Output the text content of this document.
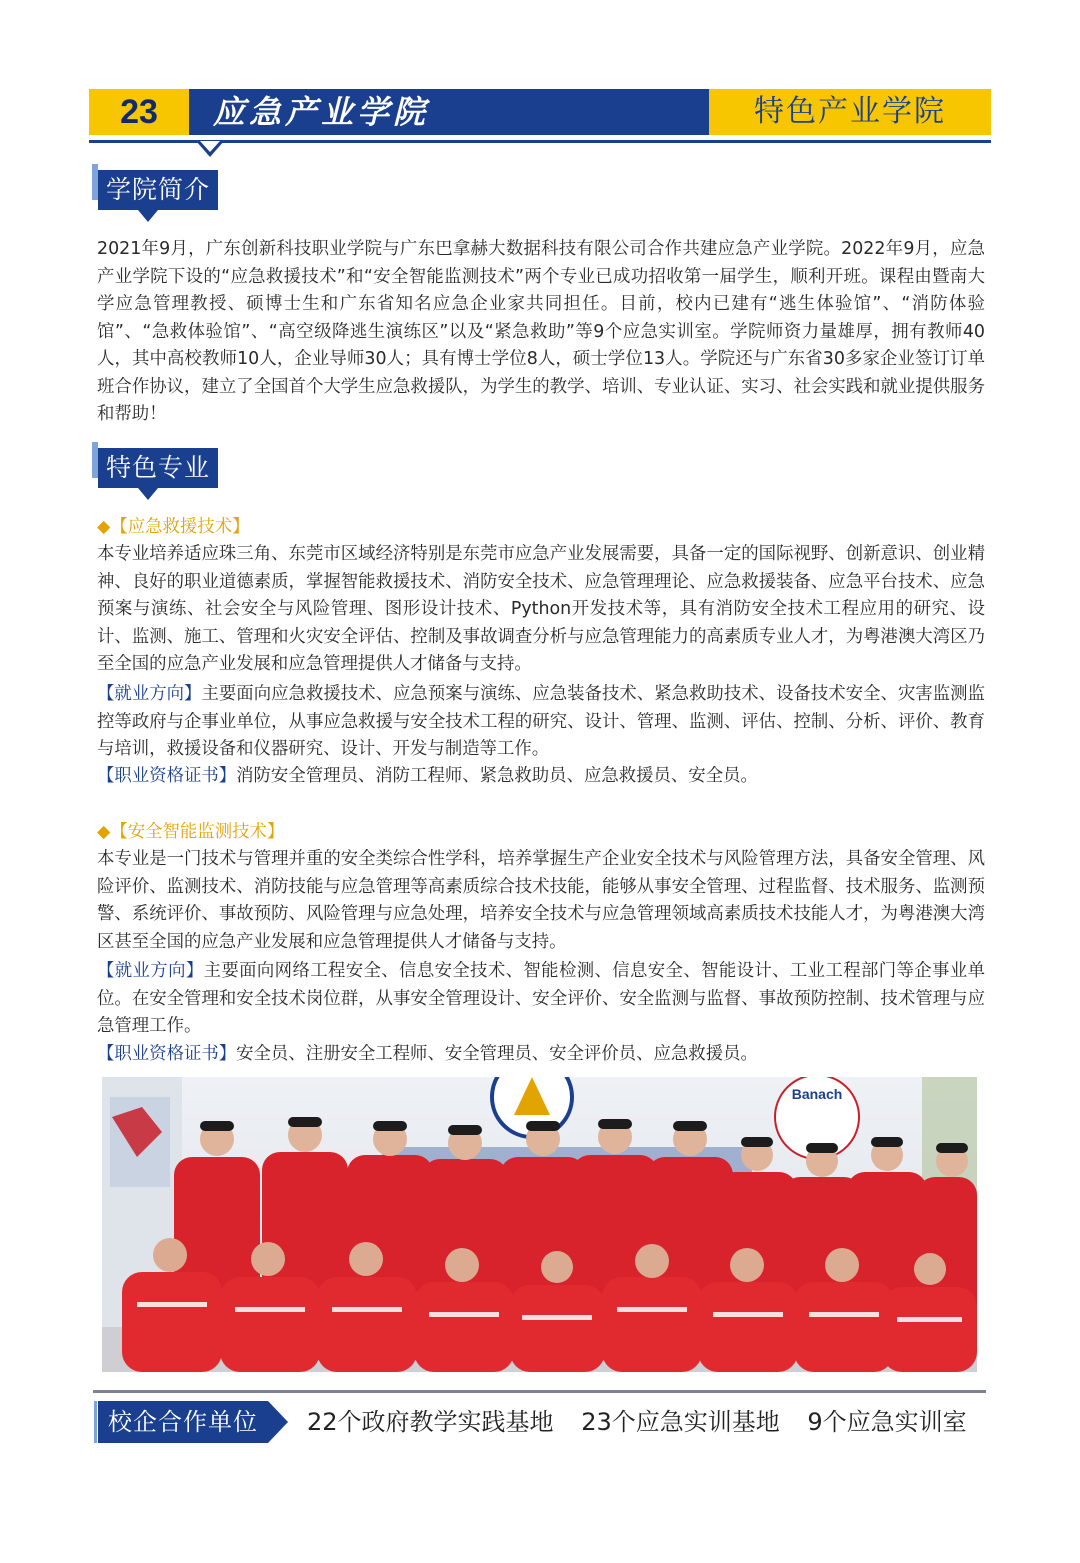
23	应急产业学院	特色产业学院
学院简介

2021年9月，广东创新科技职业学院与广东巴拿赫大数据科技有限公司合作共建应急产业学院。2022年9月，应急产业学院下设的“应急救援技术”和“安全智能监测技术”两个专业已成功招收第一届学生，顺利开班。课程由暨南大学应急管理教授、硕博士生和广东省知名应急企业家共同担任。目前，校内已建有“逃生体验馆”、“消防体验馆”、“急救体验馆”、“高空级降逃生演练区”以及“紧急救助”等9个应急实训室。学院师资力量雄厚，拥有教师40人，其中高校教师10人，企业导师30人；具有博士学位8人，硕士学位13人。学院还与广东省30多家企业签订订单班合作协议，建立了全国首个大学生应急救援队，为学生的教学、培训、专业认证、实习、社会实践和就业提供服务和帮助！

特色专业
◆【应急救援技术】

本专业培养适应珠三角、东莞市区域经济特别是东莞市应急产业发展需要，具备一定的国际视野、创新意识、创业精神、良好的职业道德素质，掌握智能救援技术、消防安全技术、应急管理理论、应急救援装备、应急平台技术、应急预案与演练、社会安全与风险管理、图形设计技术、Python开发技术等，具有消防安全技术工程应用的研究、设计、监测、施工、管理和火灾安全评估、控制及事故调查分析与应急管理能力的高素质专业人才，为粤港澳大湾区乃至全国的应急产业发展和应急管理提供人才储备与支持。

【就业方向】主要面向应急救援技术、应急预案与演练、应急装备技术、紧急救助技术、设备技术安全、灾害监测监控等政府与企事业单位，从事应急救援与安全技术工程的研究、设计、管理、监测、评估、控制、分析、评价、教育与培训，救援设备和仪器研究、设计、开发与制造等工作。

【职业资格证书】消防安全管理员、消防工程师、紧急救助员、应急救援员、安全员。

◆【安全智能监测技术】

本专业是一门技术与管理并重的安全类综合性学科，培养掌握生产企业安全技术与风险管理方法，具备安全管理、风险评价、监测技术、消防技能与应急管理等高素质综合技术技能，能够从事安全管理、过程监督、技术服务、监测预警、系统评价、事故预防、风险管理与应急处理，培养安全技术与应急管理领域高素质技术技能人才，为粤港澳大湾区甚至全国的应急产业发展和应急管理提供人才储备与支持。

【就业方向】主要面向网络工程安全、信息安全技术、智能检测、信息安全、智能设计、工业工程部门等企事业单位。在安全管理和安全技术岗位群，从事安全管理设计、安全评价、安全监测与监督、事故预防控制、技术管理与应急管理工作。

【职业资格证书】安全员、注册安全工程师、安全管理员、安全评价员、应急救援员。

Banach
校企合作单位	22个政府教学实践基地 23个应急实训基地 9个应急实训室
